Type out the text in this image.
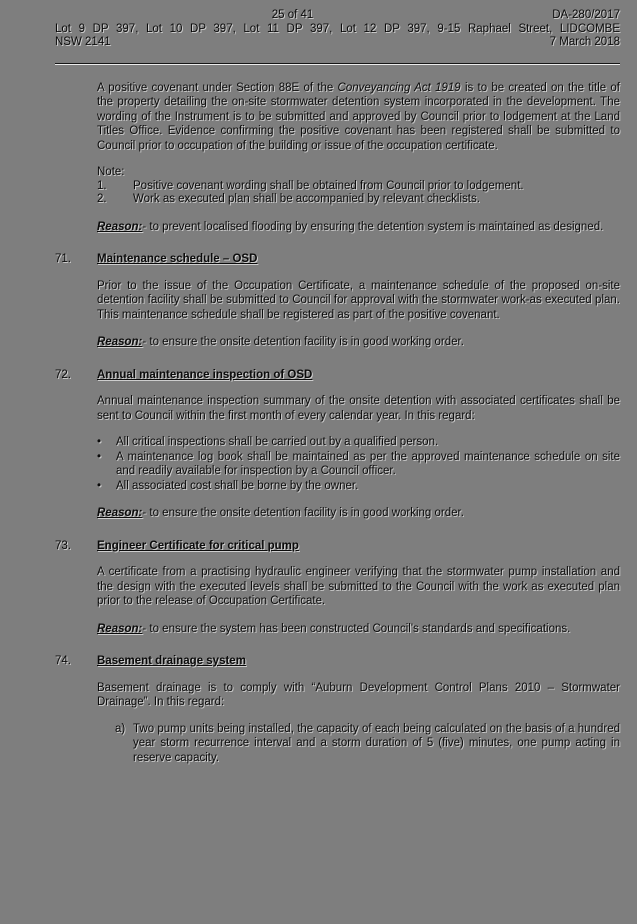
25 of 41	DA-280/2017
Lot 9 DP 397, Lot 10 DP 397, Lot 11 DP 397, Lot 12 DP 397, 9-15 Raphael Street, LIDCOMBE
NSW 2141	7 March 2018

A positive covenant under Section 88E of the Conveyancing Act 1919 is to be created on the title of the property detailing the on-site stormwater detention system incorporated in the development. The wording of the Instrument is to be submitted and approved by Council prior to lodgement at the Land Titles Office. Evidence confirming the positive covenant has been registered shall be submitted to Council prior to occupation of the building or issue of the occupation certificate.

Note:
1.	Positive covenant wording shall be obtained from Council prior to lodgement.
2.	Work as executed plan shall be accompanied by relevant checklists.

Reason:- to prevent localised flooding by ensuring the detention system is maintained as designed.

71.	Maintenance schedule – OSD

Prior to the issue of the Occupation Certificate, a maintenance schedule of the proposed on-site detention facility shall be submitted to Council for approval with the stormwater work-as executed plan. This maintenance schedule shall be registered as part of the positive covenant.

Reason:- to ensure the onsite detention facility is in good working order.

72.	Annual maintenance inspection of OSD

Annual maintenance inspection summary of the onsite detention with associated certificates shall be sent to Council within the first month of every calendar year. In this regard:

•	All critical inspections shall be carried out by a qualified person.
•	A maintenance log book shall be maintained as per the approved maintenance schedule on site and readily available for inspection by a Council officer.
•	All associated cost shall be borne by the owner.

Reason:- to ensure the onsite detention facility is in good working order.

73.	Engineer Certificate for critical pump

A certificate from a practising hydraulic engineer verifying that the stormwater pump installation and the design with the executed levels shall be submitted to the Council with the work as executed plan prior to the release of Occupation Certificate.

Reason:- to ensure the system has been constructed Council's standards and specifications.

74.	Basement drainage system

Basement drainage is to comply with “Auburn Development Control Plans 2010 – Stormwater Drainage”. In this regard:

a) Two pump units being installed, the capacity of each being calculated on the basis of a hundred year storm recurrence interval and a storm duration of 5 (five) minutes, one pump acting in reserve capacity.
